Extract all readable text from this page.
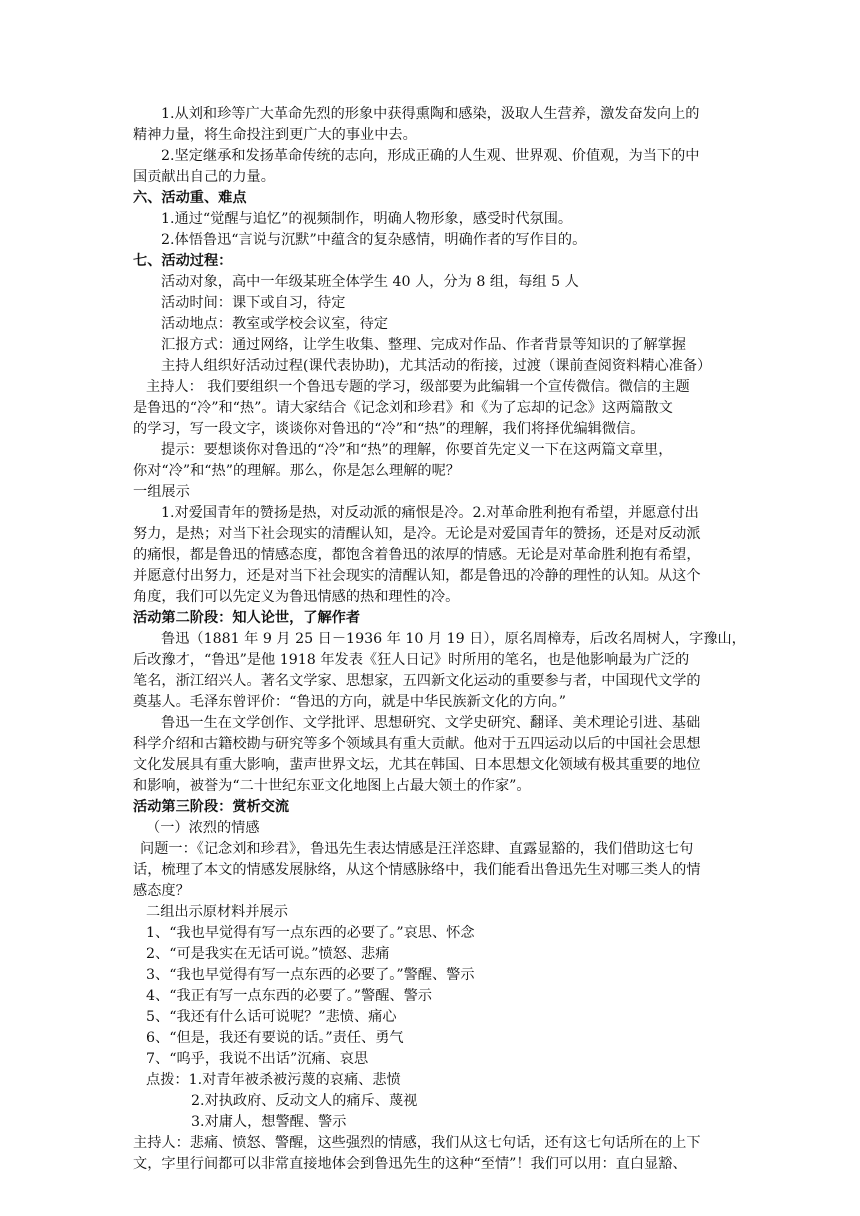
1.从刘和珍等广大革命先烈的形象中获得熏陶和感染，汲取人生营养，激发奋发向上的
精神力量，将生命投注到更广大的事业中去。
2.坚定继承和发扬革命传统的志向，形成正确的人生观、世界观、价值观，为当下的中
国贡献出自己的力量。
六、活动重、难点
1.通过“觉醒与追忆”的视频制作，明确人物形象，感受时代氛围。
2.体悟鲁迅“言说与沉默”中蕴含的复杂感情，明确作者的写作目的。
七、活动过程：
活动对象，高中一年级某班全体学生 40 人，分为 8 组，每组 5 人
活动时间：课下或自习，待定
活动地点：教室或学校会议室，待定
汇报方式：通过网络，让学生收集、整理、完成对作品、作者背景等知识的了解掌握
主持人组织好活动过程(课代表协助)，尤其活动的衔接，过渡（课前查阅资料精心准备）
主持人： 我们要组织一个鲁迅专题的学习，级部要为此编辑一个宣传微信。微信的主题
是鲁迅的“冷”和“热”。请大家结合《记念刘和珍君》和《为了忘却的记念》这两篇散文
的学习，写一段文字，谈谈你对鲁迅的“冷”和“热”的理解，我们将择优编辑微信。
提示：要想谈你对鲁迅的“冷”和“热”的理解，你要首先定义一下在这两篇文章里，
你对“冷”和“热”的理解。那么，你是怎么理解的呢？
一组展示
1.对爱国青年的赞扬是热，对反动派的痛恨是冷。2.对革命胜利抱有希望，并愿意付出
努力，是热；对当下社会现实的清醒认知，是冷。无论是对爱国青年的赞扬，还是对反动派
的痛恨，都是鲁迅的情感态度，都饱含着鲁迅的浓厚的情感。无论是对革命胜利抱有希望，
并愿意付出努力，还是对当下社会现实的清醒认知，都是鲁迅的冷静的理性的认知。从这个
角度，我们可以先定义为鲁迅情感的热和理性的冷。
活动第二阶段：知人论世，了解作者
鲁迅（1881 年 9 月 25 日－1936 年 10 月 19 日），原名周樟寿，后改名周树人，字豫山，
后改豫才，“鲁迅”是他 1918 年发表《狂人日记》时所用的笔名，也是他影响最为广泛的
笔名，浙江绍兴人。著名文学家、思想家，五四新文化运动的重要参与者，中国现代文学的
奠基人。毛泽东曾评价：“鲁迅的方向，就是中华民族新文化的方向。”
鲁迅一生在文学创作、文学批评、思想研究、文学史研究、翻译、美术理论引进、基础
科学介绍和古籍校勘与研究等多个领域具有重大贡献。他对于五四运动以后的中国社会思想
文化发展具有重大影响，蜚声世界文坛，尤其在韩国、日本思想文化领域有极其重要的地位
和影响，被誉为“二十世纪东亚文化地图上占最大领土的作家”。
活动第三阶段：赏析交流
（一）浓烈的情感
问题一：《记念刘和珍君》，鲁迅先生表达情感是汪洋恣肆、直露显豁的，我们借助这七句
话，梳理了本文的情感发展脉络，从这个情感脉络中，我们能看出鲁迅先生对哪三类人的情
感态度？
二组出示原材料并展示
1、“我也早觉得有写一点东西的必要了。”哀思、怀念
2、“可是我实在无话可说。”愤怒、悲痛
3、“我也早觉得有写一点东西的必要了。”警醒、警示
4、“我正有写一点东西的必要了。”警醒、警示
5、“我还有什么话可说呢？”悲愤、痛心
6、“但是，我还有要说的话。”责任、勇气
7、“呜乎，我说不出话”沉痛、哀思
点拨：1.对青年被杀被污蔑的哀痛、悲愤
2.对执政府、反动文人的痛斥、蔑视
3.对庸人，想警醒、警示
主持人：悲痛、愤怒、警醒，这些强烈的情感，我们从这七句话，还有这七句话所在的上下
文，字里行间都可以非常直接地体会到鲁迅先生的这种“至情”！我们可以用：直白显豁、
